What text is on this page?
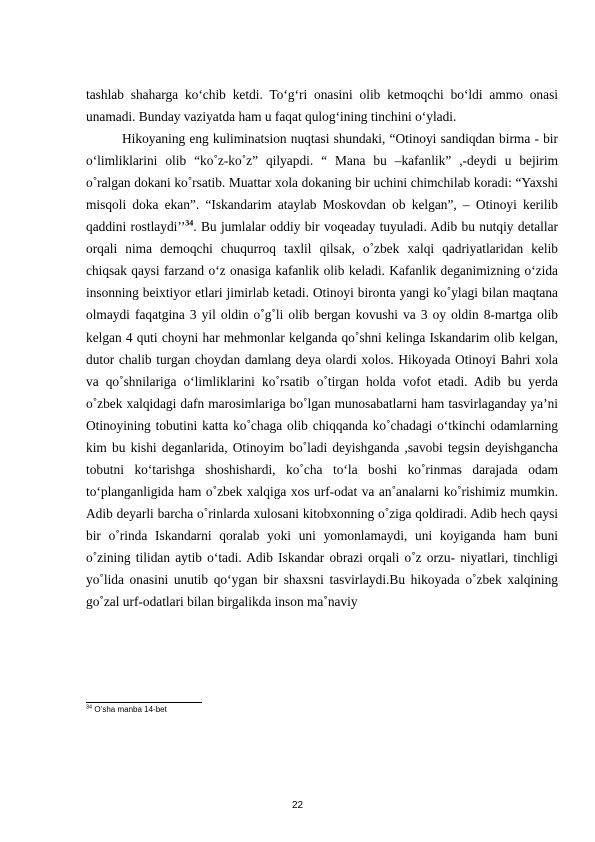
tashlab shaharga ko‘chib ketdi. To‘g‘ri onasini olib ketmoqchi bo‘ldi ammo onasi unamadi. Bunday vaziyatda ham u faqat qulog‘ining tinchini o‘yladi.

Hikoyaning eng kuliminatsion nuqtasi shundaki, “Otinoyi sandiqdan birma - bir o‘limliklarini olib “ko˚z-ko˚z” qilyapdi. “ Mana bu –kafanlik” ,-deydi u bejirim o˚ralgan dokani ko˚rsatib. Muattar xola dokaning bir uchini chimchilab koradi: “Yaxshi misqoli doka ekan”. “Iskandarim ataylab Moskovdan ob kelgan”, – Otinoyi kerilib qaddini rostlaydi’’$^{34}$. Bu jumlalar oddiy bir voqeaday tuyuladi. Adib bu nutqiy detallar orqali nima demoqchi chuqurroq taxlil qilsak, o˚zbek xalqi qadriyatlaridan kelib chiqsak qaysi farzand o‘z onasiga kafanlik olib keladi. Kafanlik deganimizning o‘zida insonning beixtiyor etlari jimirlab ketadi. Otinoyi bironta yangi ko˚ylagi bilan maqtana olmaydi faqatgina 3 yil oldin o˚g˚li olib bergan kovushi va 3 oy oldin 8-martga olib kelgan 4 quti choyni har mehmonlar kelganda qo˚shni kelinga Iskandarim olib kelgan, dutor chalib turgan choydan damlang deya olardi xolos. Hikoyada Otinoyi Bahri xola va qo˚shnilariga o‘limliklarini ko˚rsatib o˚tirgan holda vofot etadi. Adib bu yerda o˚zbek xalqidagi dafn marosimlariga bo˚lgan munosabatlarni ham tasvirlaganday ya’ni Otinoyining tobutini katta ko˚chaga olib chiqqanda ko˚chadagi o‘tkinchi odamlarning kim bu kishi deganlarida, Otinoyim bo˚ladi deyishganda ,savobi tegsin deyishgancha tobutni ko‘tarishga shoshishardi, ko˚cha to‘la boshi ko˚rinmas darajada odam to‘planganligida ham o˚zbek xalqiga xos urf-odat va an˚analarni ko˚rishimiz mumkin. Adib deyarli barcha o˚rinlarda xulosani kitobxonning o˚ziga qoldiradi. Adib hech qaysi bir o˚rinda Iskandarni qoralab yoki uni yomonlamaydi, uni koyiganda ham buni o˚zining tilidan aytib o‘tadi. Adib Iskandar obrazi orqali o˚z orzu- niyatlari, tinchligi yo˚lida onasini unutib qo‘ygan bir shaxsni tasvirlaydi.Bu hikoyada o˚zbek xalqining go˚zal urf-odatlari bilan birgalikda inson ma˚naviy

$^{34}$ O‘sha manba 14-bet
22
